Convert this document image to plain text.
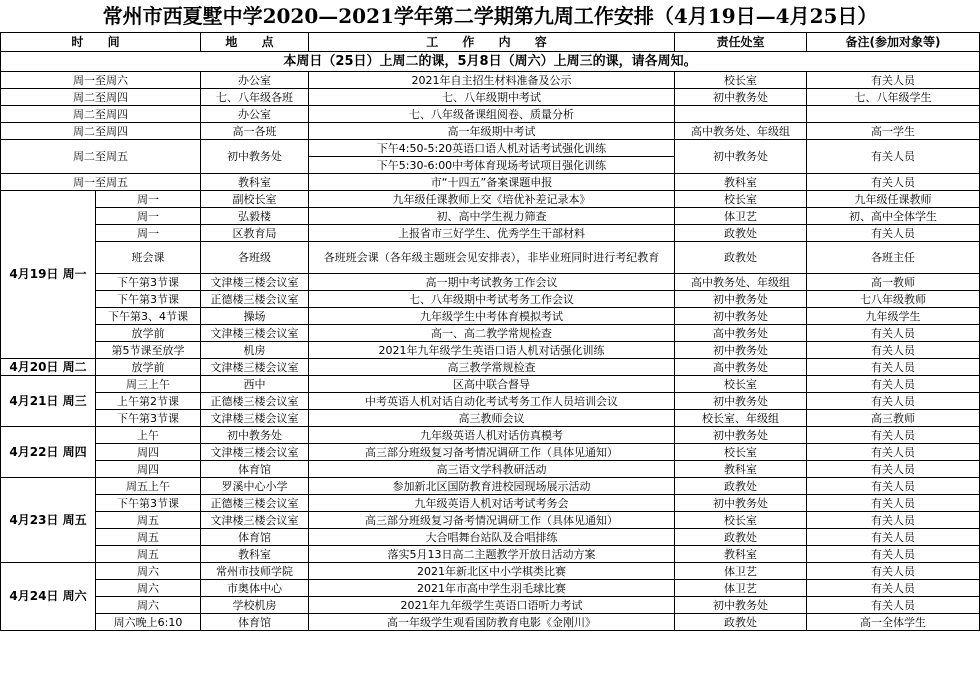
常州市西夏墅中学2020—2021学年第二学期第九周工作安排（4月19日—4月25日）
时 间		地 点	工 作 内 容	责任处室	备注(参加对象等)
本周日（25日）上周二的课，5月8日（周六）上周三的课，请各周知。					
周一至周六		办公室	2021年自主招生材料准备及公示	校长室	有关人员
周二至周四		七、八年级各班	七、八年级期中考试	初中教务处	七、八年级学生
周二至周四		办公室	七、八年级备课组阅卷、质量分析		
周二至周四		高一各班	高一年级期中考试	高中教务处、年级组	高一学生
周二至周五		初中教务处	下午4:50-5:20英语口语人机对话考试强化训练	初中教务处	有关人员
			下午5:30-6:00中考体育现场考试项目强化训练		
周一至周五		教科室	市“十四五”备案课题申报	教科室	有关人员
4月19日 周一	周一	副校长室	九年级任课教师上交《培优补差记录本》	校长室	九年级任课教师
	周一	弘毅楼	初、高中学生视力筛查	体卫艺	初、高中全体学生
	周一	区教育局	上报省市三好学生、优秀学生干部材料	政教处	有关人员
	班会课	各班级	各班班会课（各年级主题班会见安排表），非毕业班同时进行考纪教育	政教处	各班主任
	下午第3节课	文津楼三楼会议室	高一期中考试教务工作会议	高中教务处、年级组	高一教师
	下午第3节课	正德楼三楼会议室	七、八年级期中考试考务工作会议	初中教务处	七八年级教师
	下午第3、4节课	操场	九年级学生中考体育模拟考试	初中教务处	九年级学生
	放学前	文津楼三楼会议室	高一、高二教学常规检查	高中教务处	有关人员
	第5节课至放学	机房	2021年九年级学生英语口语人机对话强化训练	初中教务处	有关人员
4月20日 周二	放学前	文津楼三楼会议室	高三教学常规检查	高中教务处	有关人员
4月21日 周三	周三上午	西中	区高中联合督导	校长室	有关人员
	上午第2节课	正德楼三楼会议室	中考英语人机对话自动化考试考务工作人员培训会议	初中教务处	有关人员
	下午第3节课	文津楼三楼会议室	高三教师会议	校长室、年级组	高三教师
4月22日 周四	上午	初中教务处	九年级英语人机对话仿真模考	初中教务处	有关人员
	周四	文津楼三楼会议室	高三部分班级复习备考情况调研工作（具体见通知）	校长室	有关人员
	周四	体育馆	高三语文学科教研活动	教科室	有关人员
4月23日 周五	周五上午	罗溪中心小学	参加新北区国防教育进校园现场展示活动	政教处	有关人员
	下午第3节课	正德楼三楼会议室	九年级英语人机对话考试考务会	初中教务处	有关人员
	周五	文津楼三楼会议室	高三部分班级复习备考情况调研工作（具体见通知）	校长室	有关人员
	周五	体育馆	大合唱舞台站队及合唱排练	政教处	有关人员
	周五	教科室	落实5月13日高二主题教学开放日活动方案	教科室	有关人员
4月24日 周六	周六	常州市技师学院	2021年新北区中小学棋类比赛	体卫艺	有关人员
	周六	市奥体中心	2021年市高中学生羽毛球比赛	体卫艺	有关人员
	周六	学校机房	2021年九年级学生英语口语听力考试	初中教务处	有关人员
	周六晚上6:10	体育馆	高一年级学生观看国防教育电影《金刚川》	政教处	高一全体学生
